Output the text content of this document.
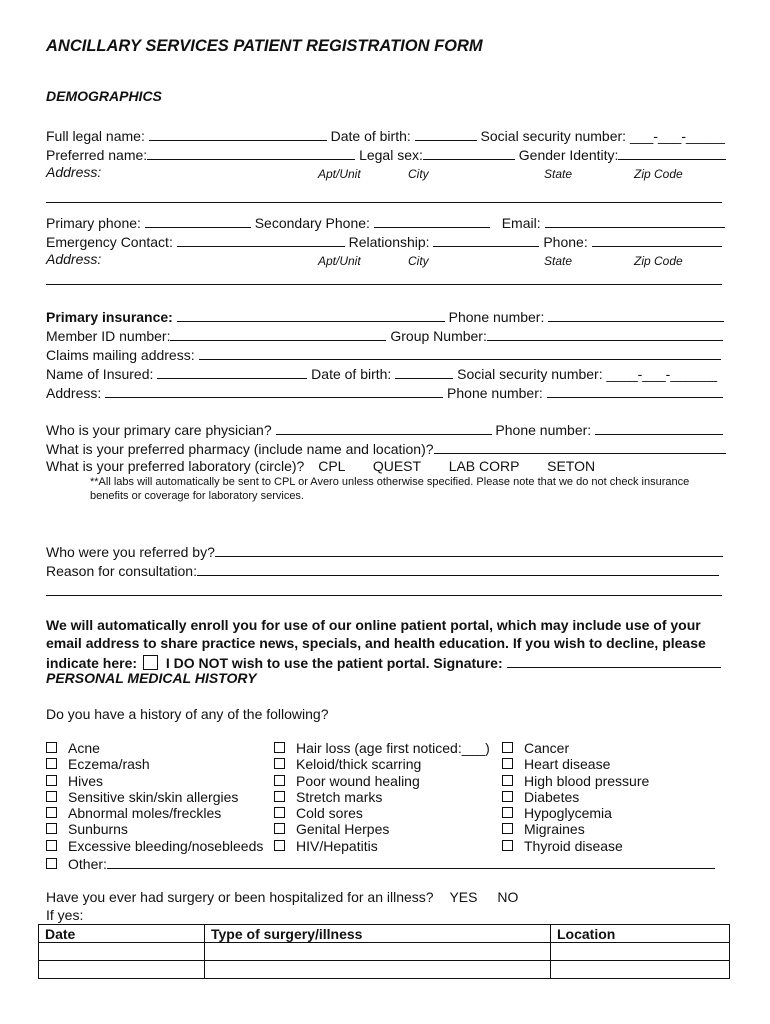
ANCILLARY SERVICES PATIENT REGISTRATION FORM
DEMOGRAPHICS
Full legal name:	Date of birth:	Social security number: ___-___-_____
Preferred name:	Legal sex:	Gender Identity:
Address:	Apt/Unit	City	State	Zip Code
Primary phone:	Secondary Phone:	Email:
Emergency Contact:	Relationship:	Phone:
Address:	Apt/Unit	City	State	Zip Code
Primary insurance:	Phone number:
Member ID number:	Group Number:
Claims mailing address:
Name of Insured:	Date of birth:	Social security number: ____-___-______
Address:	Phone number:
Who is your primary care physician?	Phone number:
What is your preferred pharmacy (include name and location)?
What is your preferred laboratory (circle)? CPL QUEST LAB CORP SETON
**All labs will automatically be sent to CPL or Avero unless otherwise specified. Please note that we do not check insurance
benefits or coverage for laboratory services.
Who were you referred by?
Reason for consultation:
We will automatically enroll you for use of our online patient portal, which may include use of your
email address to share practice news, specials, and health education. If you wish to decline, please
indicate here: I DO NOT wish to use the patient portal. Signature:
PERSONAL MEDICAL HISTORY
Do you have a history of any of the following?
Acne
Eczema/rash
Hives
Sensitive skin/skin allergies
Abnormal moles/freckles
Sunburns
Excessive bleeding/nosebleeds
Other:
Hair loss (age first noticed:___)
Keloid/thick scarring
Poor wound healing
Stretch marks
Cold sores
Genital Herpes
HIV/Hepatitis
Cancer
Heart disease
High blood pressure
Diabetes
Hypoglycemia
Migraines
Thyroid disease
Have you ever had surgery or been hospitalized for an illness? YES NO
If yes:
Date	Type of surgery/illness	Location
